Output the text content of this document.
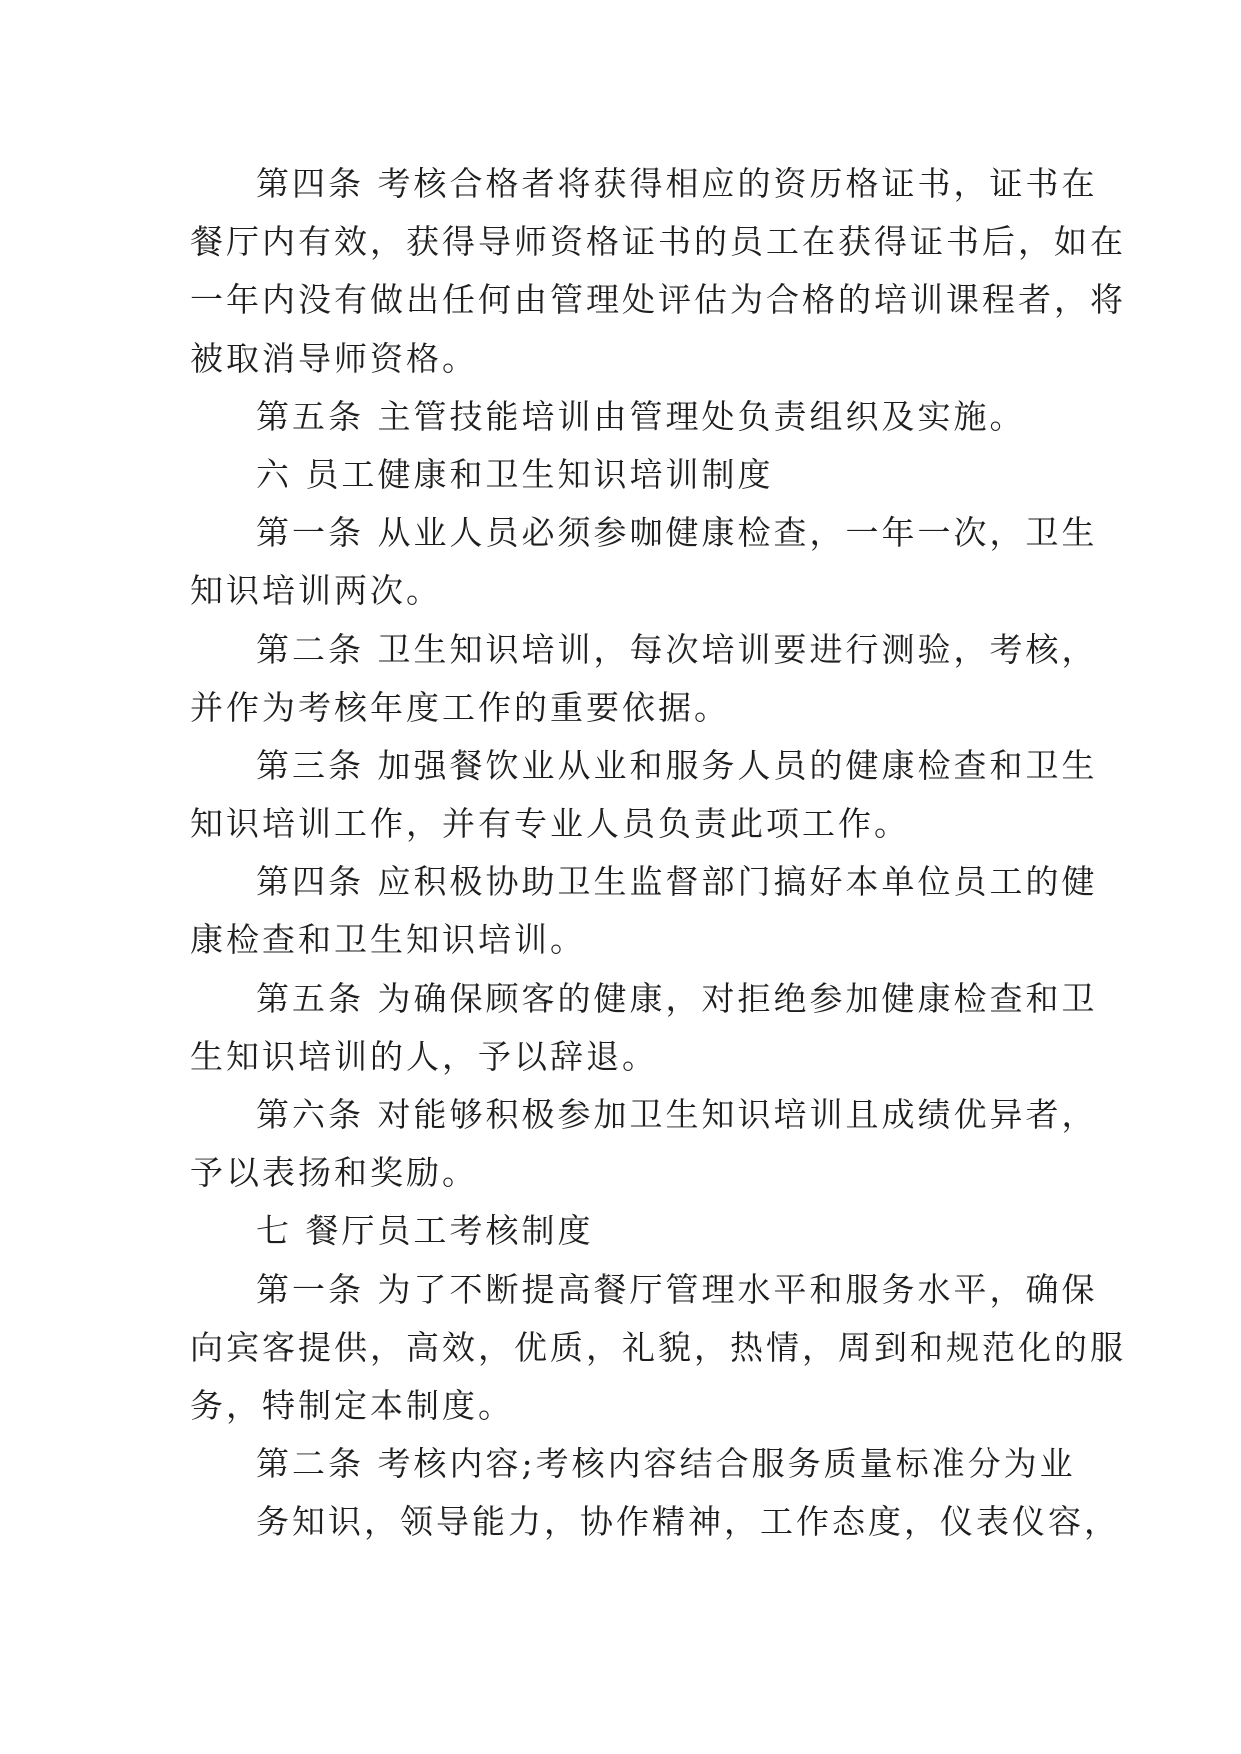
第四条 考核合格者将获得相应的资历格证书，证书在
餐厅内有效，获得导师资格证书的员工在获得证书后，如在
一年内没有做出任何由管理处评估为合格的培训课程者，将
被取消导师资格。
第五条 主管技能培训由管理处负责组织及实施。
六 员工健康和卫生知识培训制度
第一条 从业人员必须参咖健康检查，一年一次，卫生
知识培训两次。
第二条 卫生知识培训，每次培训要进行测验，考核，
并作为考核年度工作的重要依据。
第三条 加强餐饮业从业和服务人员的健康检查和卫生
知识培训工作，并有专业人员负责此项工作。
第四条 应积极协助卫生监督部门搞好本单位员工的健
康检查和卫生知识培训。
第五条 为确保顾客的健康，对拒绝参加健康检查和卫
生知识培训的人，予以辞退。
第六条 对能够积极参加卫生知识培训且成绩优异者，
予以表扬和奖励。
七 餐厅员工考核制度
第一条 为了不断提高餐厅管理水平和服务水平，确保
向宾客提供，高效，优质，礼貌，热情，周到和规范化的服
务，特制定本制度。
第二条 考核内容;考核内容结合服务质量标准分为业
务知识，领导能力，协作精神，工作态度，仪表仪容，
